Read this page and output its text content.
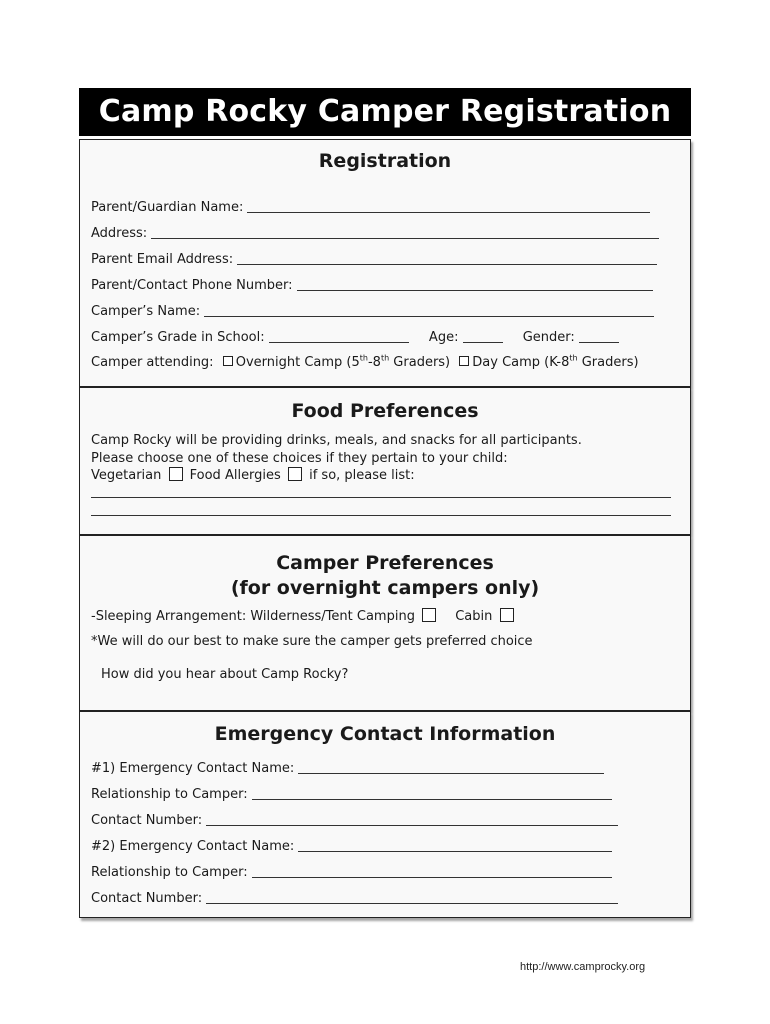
Camp Rocky Camper Registration
Registration
Parent/Guardian Name:
Address:
Parent Email Address:
Parent/Contact Phone Number:
Camper’s Name:
Camper’s Grade in School:	Age:	Gender:
Camper attending: Overnight Camp (5th-8th Graders) Day Camp (K-8th Graders)
Food Preferences
Camp Rocky will be providing drinks, meals, and snacks for all participants.
Please choose one of these choices if they pertain to your child:
Vegetarian Food Allergies if so, please list:
Camper Preferences
(for overnight campers only)
-Sleeping Arrangement: Wilderness/Tent Camping	Cabin
*We will do our best to make sure the camper gets preferred choice
How did you hear about Camp Rocky?
Emergency Contact Information
#1) Emergency Contact Name:
Relationship to Camper:
Contact Number:
#2) Emergency Contact Name:
Relationship to Camper:
Contact Number:
http://www.camprocky.org
